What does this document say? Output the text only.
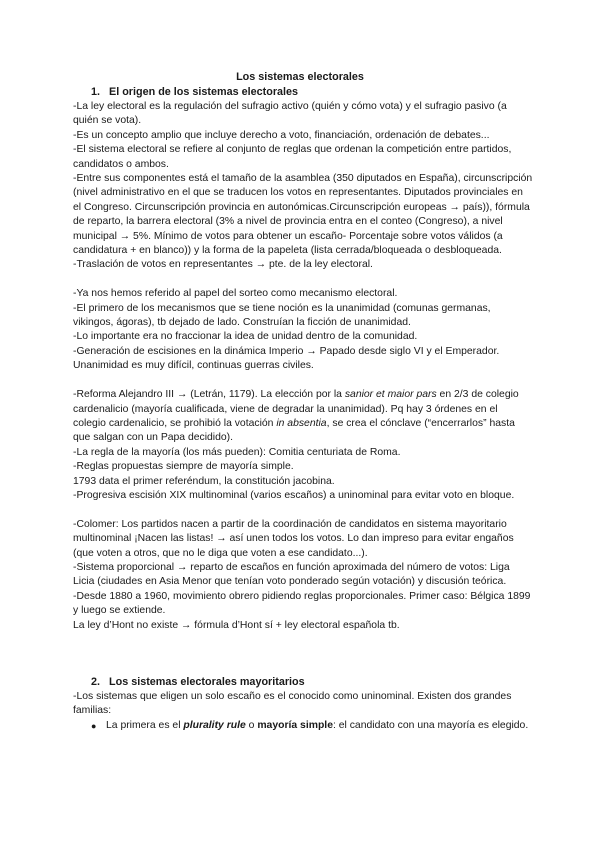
Los sistemas electorales
1. El origen de los sistemas electorales

-La ley electoral es la regulación del sufragio activo (quién y cómo vota) y el sufragio pasivo (a quién se vota).

-Es un concepto amplio que incluye derecho a voto, financiación, ordenación de debates...

-El sistema electoral se refiere al conjunto de reglas que ordenan la competición entre partidos, candidatos o ambos.

-Entre sus componentes está el tamaño de la asamblea (350 diputados en España), circunscripción (nivel administrativo en el que se traducen los votos en representantes. Diputados provinciales en el Congreso. Circunscripción provincia en autonómicas.Circunscripción europeas → país)), fórmula de reparto, la barrera electoral (3% a nivel de provincia entra en el conteo (Congreso), a nivel municipal → 5%. Mínimo de votos para obtener un escaño- Porcentaje sobre votos válidos (a candidatura + en blanco)) y la forma de la papeleta (lista cerrada/bloqueada o desbloqueada.

-Traslación de votos en representantes → pte. de la ley electoral.

-Ya nos hemos referido al papel del sorteo como mecanismo electoral.

-El primero de los mecanismos que se tiene noción es la unanimidad (comunas germanas, vikingos, ágoras), tb dejado de lado. Construían la ficción de unanimidad.

-Lo importante era no fraccionar la idea de unidad dentro de la comunidad.

-Generación de escisiones en la dinámica Imperio → Papado desde siglo VI y el Emperador. Unanimidad es muy difícil, continuas guerras civiles.

-Reforma Alejandro III → (Letrán, 1179). La elección por la sanior et maior pars en 2/3 de colegio cardenalicio (mayoría cualificada, viene de degradar la unanimidad). Pq hay 3 órdenes en el colegio cardenalicio, se prohibió la votación in absentia, se crea el cónclave (“encerrarlos” hasta que salgan con un Papa decidido).

-La regla de la mayoría (los más pueden): Comitia centuriata de Roma.

-Reglas propuestas siempre de mayoría simple.

1793 data el primer referéndum, la constitución jacobina.

-Progresiva escisión XIX multinominal (varios escaños) a uninominal para evitar voto en bloque.

-Colomer: Los partidos nacen a partir de la coordinación de candidatos en sistema mayoritario multinominal ¡Nacen las listas! → así unen todos los votos. Lo dan impreso para evitar engaños (que voten a otros, que no le diga que voten a ese candidato...).

-Sistema proporcional → reparto de escaños en función aproximada del número de votos: Liga Licia (ciudades en Asia Menor que tenían voto ponderado según votación) y discusión teórica.

-Desde 1880 a 1960, movimiento obrero pidiendo reglas proporcionales. Primer caso: Bélgica 1899 y luego se extiende.

La ley d’Hont no existe → fórmula d’Hont sí + ley electoral española tb.

2. Los sistemas electorales mayoritarios

-Los sistemas que eligen un solo escaño es el conocido como uninominal. Existen dos grandes familias:

● La primera es el plurality rule o mayoría simple: el candidato con una mayoría es elegido.
